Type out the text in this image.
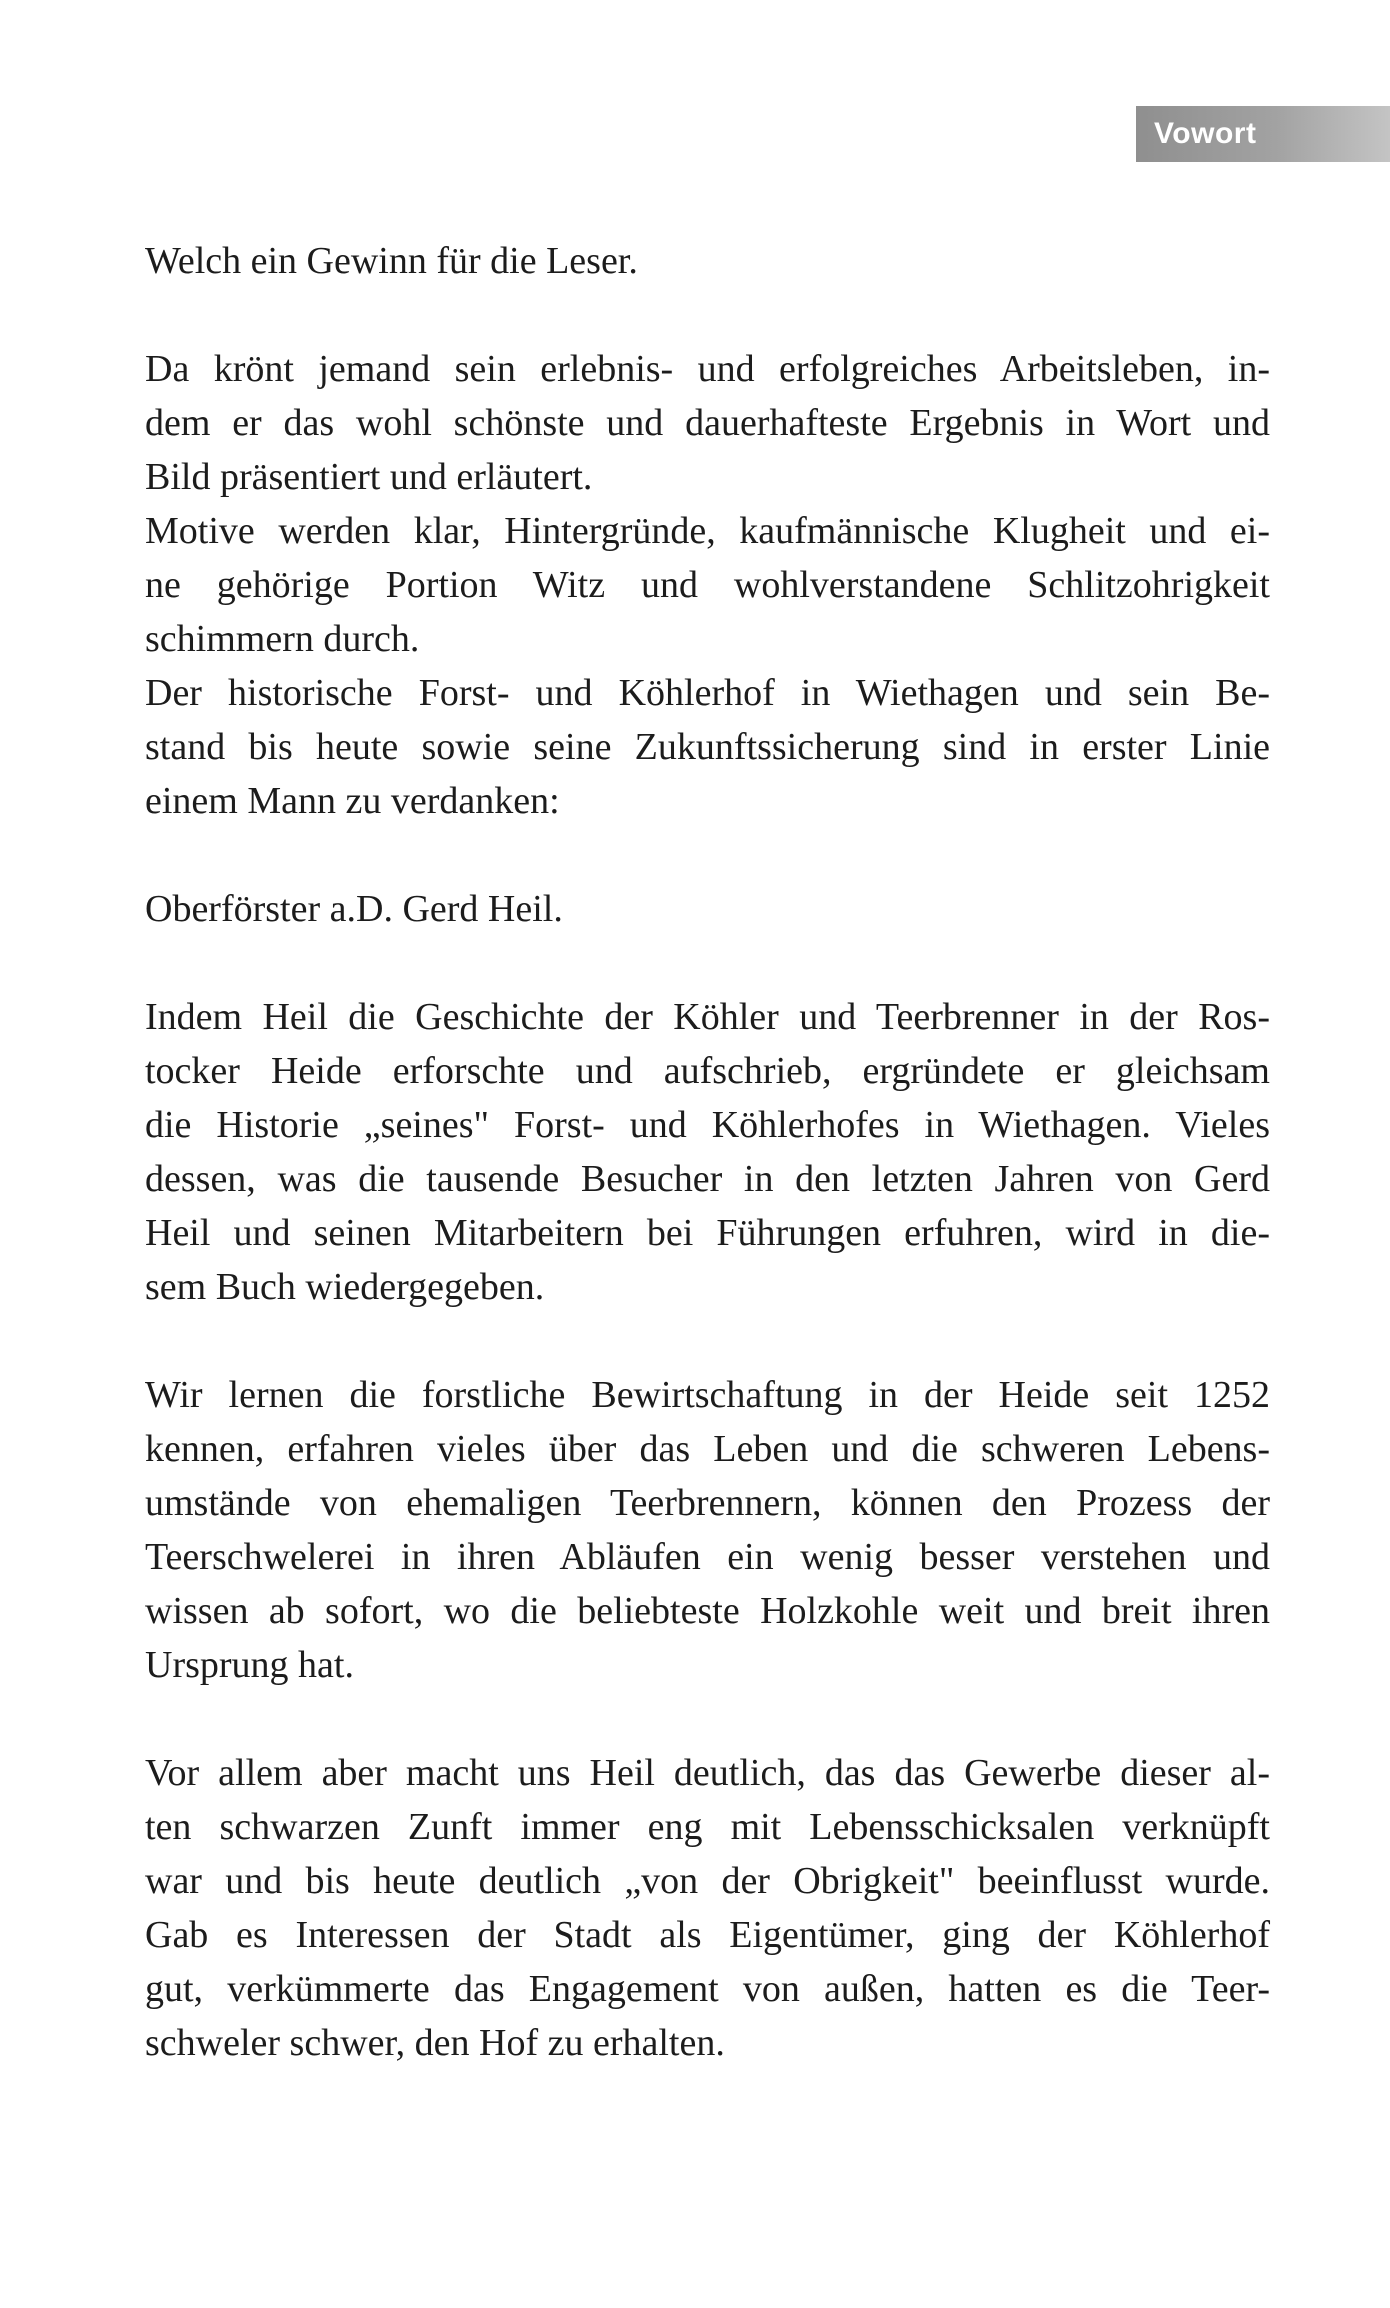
Vowort

Welch ein Gewinn für die Leser.

Da krönt jemand sein erlebnis- und erfolgreiches Arbeitsleben, in-
dem er das wohl schönste und dauerhafteste Ergebnis in Wort und
Bild präsentiert und erläutert.
Motive werden klar, Hintergründe, kaufmännische Klugheit und ei-
ne gehörige Portion Witz und wohlverstandene Schlitzohrigkeit
schimmern durch.
Der historische Forst- und Köhlerhof in Wiethagen und sein Be-
stand bis heute sowie seine Zukunftssicherung sind in erster Linie
einem Mann zu verdanken:

Oberförster a.D. Gerd Heil.

Indem Heil die Geschichte der Köhler und Teerbrenner in der Ros-
tocker Heide erforschte und aufschrieb, ergründete er gleichsam
die Historie „seines" Forst- und Köhlerhofes in Wiethagen. Vieles
dessen, was die tausende Besucher in den letzten Jahren von Gerd
Heil und seinen Mitarbeitern bei Führungen erfuhren, wird in die-
sem Buch wiedergegeben.

Wir lernen die forstliche Bewirtschaftung in der Heide seit 1252
kennen, erfahren vieles über das Leben und die schweren Lebens-
umstände von ehemaligen Teerbrennern, können den Prozess der
Teerschwelerei in ihren Abläufen ein wenig besser verstehen und
wissen ab sofort, wo die beliebteste Holzkohle weit und breit ihren
Ursprung hat.

Vor allem aber macht uns Heil deutlich, das das Gewerbe dieser al-
ten schwarzen Zunft immer eng mit Lebensschicksalen verknüpft
war und bis heute deutlich „von der Obrigkeit" beeinflusst wurde.
Gab es Interessen der Stadt als Eigentümer, ging der Köhlerhof
gut, verkümmerte das Engagement von außen, hatten es die Teer-
schweler schwer, den Hof zu erhalten.
